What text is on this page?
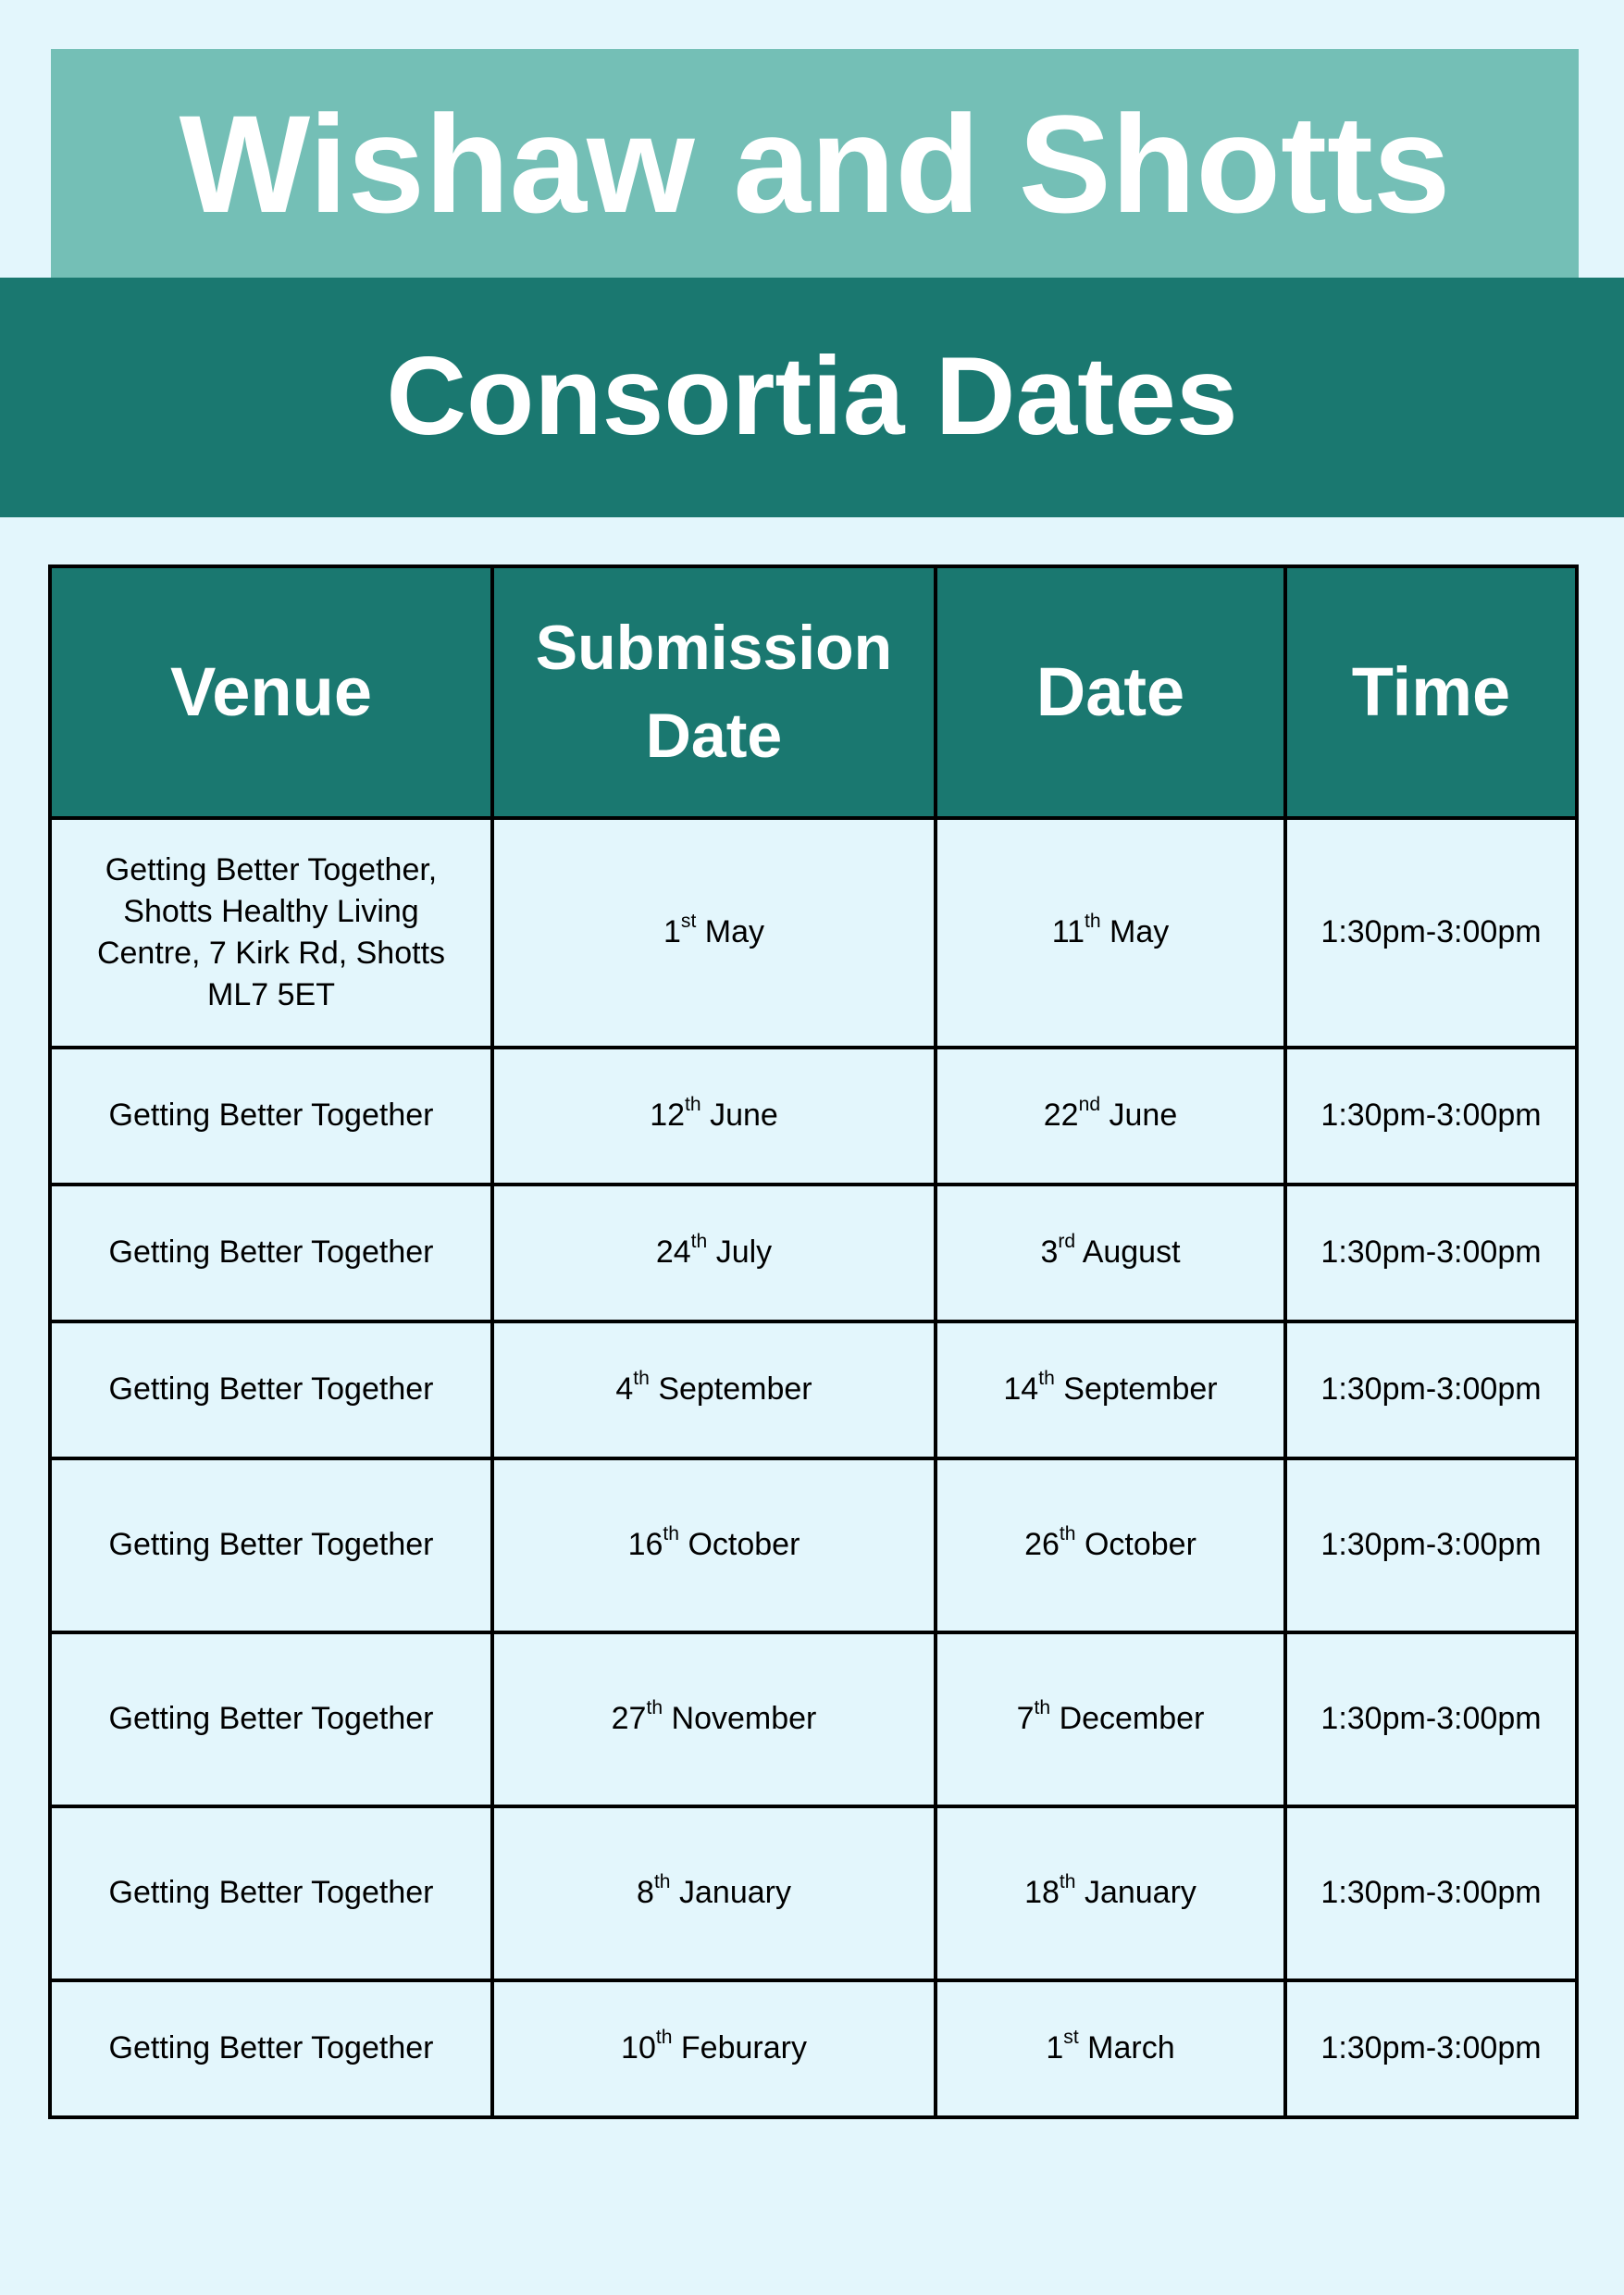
Wishaw and Shotts
Consortia Dates
Venue	Submission Date	Date	Time
Getting Better Together, Shotts Healthy Living Centre, 7 Kirk Rd, Shotts ML7 5ET	1st May	11th May	1:30pm-3:00pm
Getting Better Together	12th June	22nd June	1:30pm-3:00pm
Getting Better Together	24th July	3rd August	1:30pm-3:00pm
Getting Better Together	4th September	14th September	1:30pm-3:00pm
Getting Better Together	16th October	26th October	1:30pm-3:00pm
Getting Better Together	27th November	7th December	1:30pm-3:00pm
Getting Better Together	8th January	18th January	1:30pm-3:00pm
Getting Better Together	10th Feburary	1st March	1:30pm-3:00pm
